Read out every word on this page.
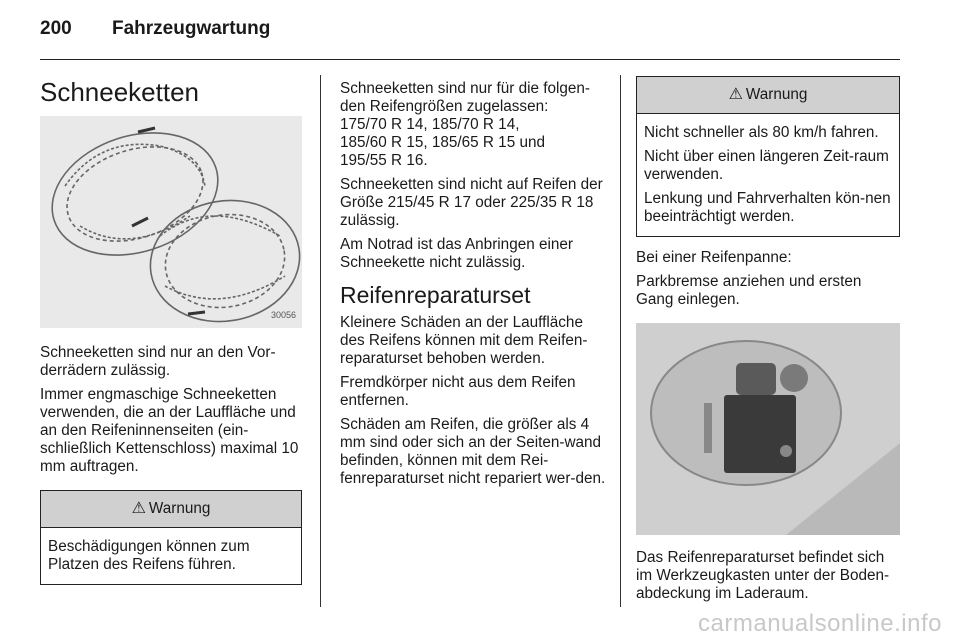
200 Fahrzeugwartung
Schneeketten
30056

Schneeketten sind nur an den Vor-derrädern zulässig.

Immer engmaschige Schneeketten verwenden, die an der Lauffläche und an den Reifeninnenseiten (ein-schließlich Kettenschloss) maximal 10 mm auftragen.

⚠ Warnung

Beschädigungen können zum Platzen des Reifens führen.

Schneeketten sind nur für die folgen-den Reifengrößen zugelassen:

175/70 R 14, 185/70 R 14,
185/60 R 15, 185/65 R 15 und
195/55 R 16.

Schneeketten sind nicht auf Reifen der Größe 215/45 R 17 oder 225/35 R 18 zulässig.

Am Notrad ist das Anbringen einer Schneekette nicht zulässig.

Reifenreparaturset

Kleinere Schäden an der Lauffläche des Reifens können mit dem Reifen-reparaturset behoben werden.

Fremdkörper nicht aus dem Reifen entfernen.

Schäden am Reifen, die größer als 4 mm sind oder sich an der Seiten-wand befinden, können mit dem Rei-fenreparaturset nicht repariert wer-den.

⚠ Warnung

Nicht schneller als 80 km/h fahren.

Nicht über einen längeren Zeit-raum verwenden.

Lenkung und Fahrverhalten kön-nen beeinträchtigt werden.

Bei einer Reifenpanne:

Parkbremse anziehen und ersten Gang einlegen.

Das Reifenreparaturset befindet sich im Werkzeugkasten unter der Boden-abdeckung im Laderaum.

carmanualsonline.info
